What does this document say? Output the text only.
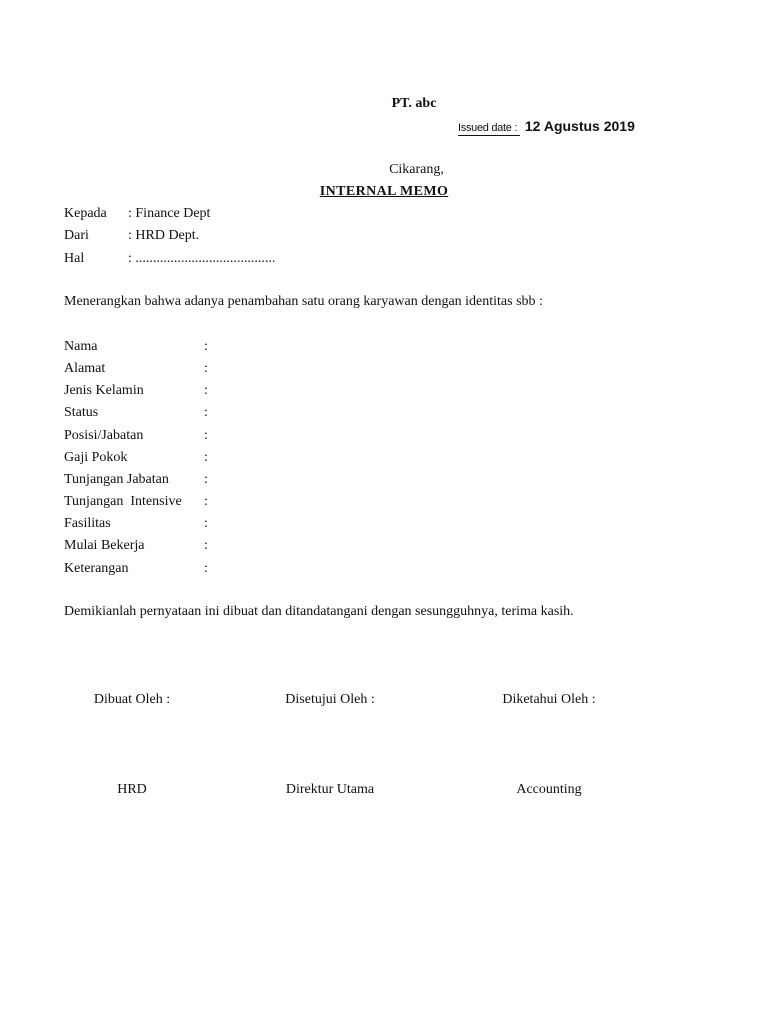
PT. abc
Issued date : 12 Agustus 2019
Cikarang,
INTERNAL MEMO
Kepada : Finance Dept
Dari	: HRD Dept.
Hal	: ........................................
Menerangkan bahwa adanya penambahan satu orang karyawan dengan identitas sbb :
Nama	:
Alamat	:
Jenis Kelamin	:
Status	:
Posisi/Jabatan	:
Gaji Pokok	:
Tunjangan Jabatan	:
Tunjangan  Intensive :
Fasilitas	:
Mulai Bekerja	:
Keterangan	:
Demikianlah pernyataan ini dibuat dan ditandatangani dengan sesungguhnya, terima kasih.
Dibuat Oleh :	Disetujui Oleh :	Diketahui Oleh :
HRD	Direktur Utama	Accounting
